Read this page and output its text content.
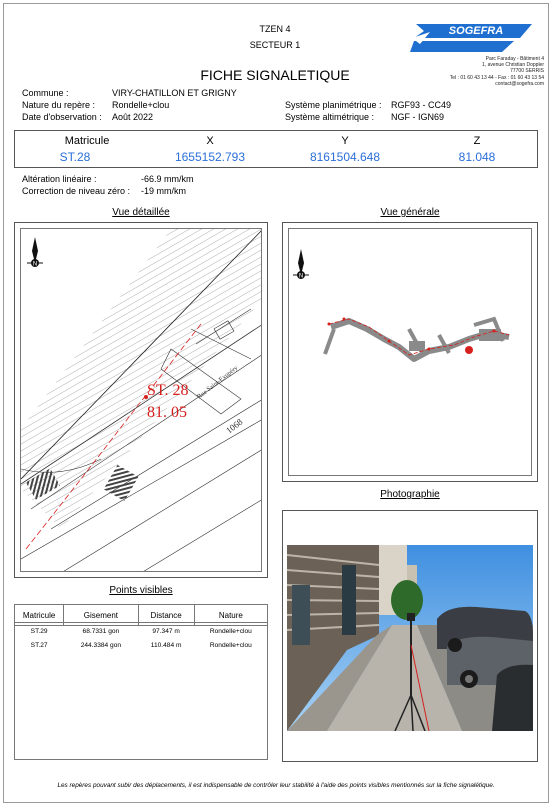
TZEN 4
SECTEUR 1
FICHE SIGNALETIQUE
SOGEFRA
Parc Faraday - Bâtiment 4
1, avenue Christian Doppler
77700 SERRIS
Tel : 01 60 43 13 44 - Fax : 01 60 43 13 54
contact@sogefra.com
Commune :	VIRY-CHATILLON ET GRIGNY
Nature du repère : Rondelle+clou
Date d'observation : Août 2022
Système planimétrique : RGF93 - CC49
Système altimétrique : NGF - IGN69
Matricule	X	Y	Z
ST.28	1655152.793	8161504.648	81.048
Altération linéaire :	-66.9 mm/km
Correction de niveau zéro : -19 mm/km
Vue détaillée	Vue générale
Photographie
Points visibles
N
ST. 28
81. 05
Rue Saint-Exupéry
1068
N
Matricule	Gisement	Distance	Nature
ST.29	68.7331 gon	97.347 m	Rondelle+clou
ST.27	244.3384 gon	110.484 m	Rondelle+clou
Les repères pouvant subir des déplacements, il est indispensable de contrôler leur stabilité à l'aide des points visibles mentionnés sur la fiche signalétique.
